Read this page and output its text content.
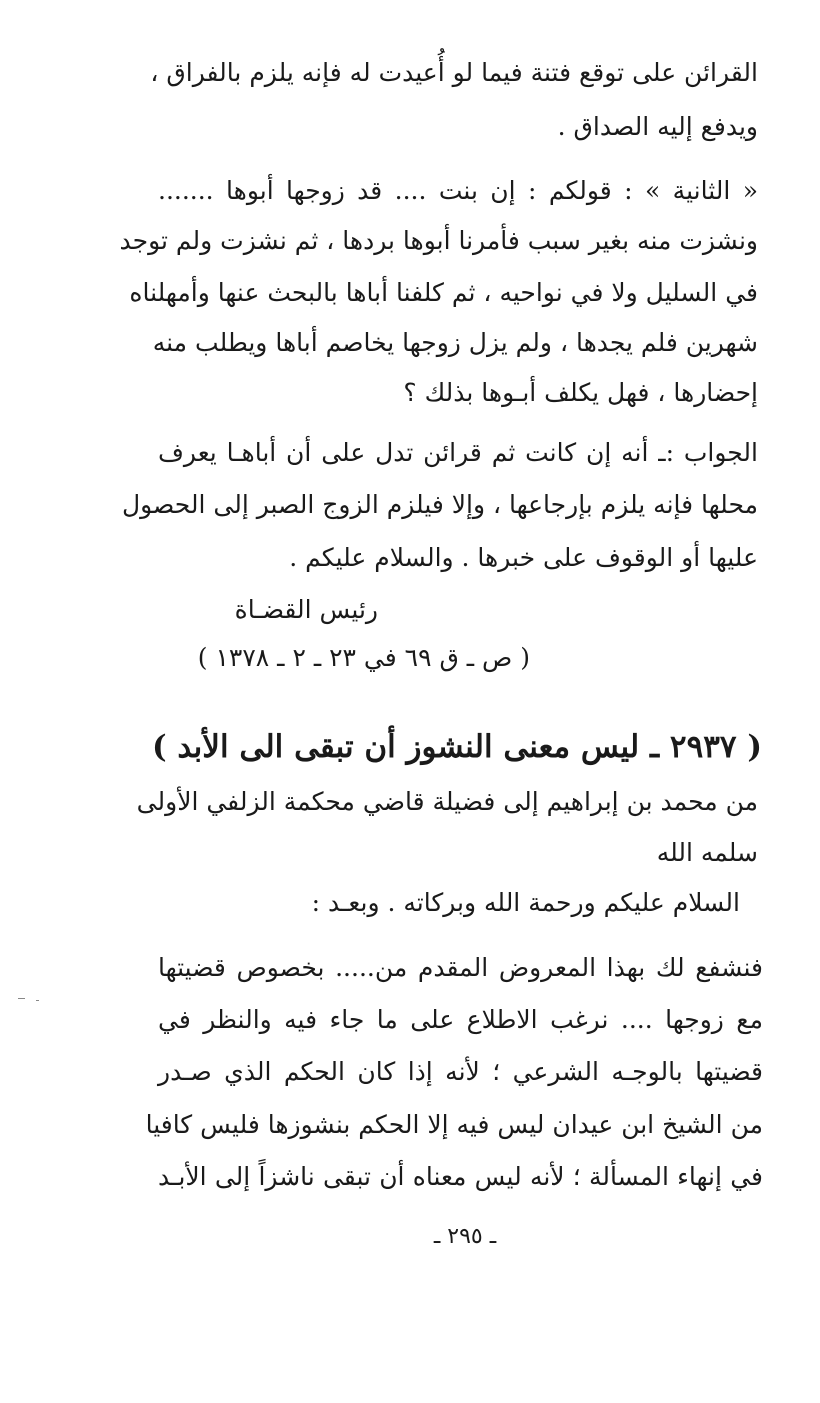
القرائن على توقع فتنة فيما لو أُعيدت له فإنه يلزم بالفراق ،
ويدفع إليه الصداق .
« الثانية » : قولكم : إن بنت .... قد زوجها أبوها .......
ونشزت منه بغير سبب فأمرنا أبوها بردها ، ثم نشزت ولم توجد
في السليل ولا في نواحيه ، ثم كلفنا أباها بالبحث عنها وأمهلناه
شهرين فلم يجدها ، ولم يزل زوجها يخاصم أباها ويطلب منه
إحضارها ، فهل يكلف أبـوها بذلك ؟
الجواب :ـ أنه إن كانت ثم قرائن تدل على أن أباهـا يعرف
محلها فإنه يلزم بإرجاعها ، وإلا فيلزم الزوج الصبر إلى الحصول
عليها أو الوقوف على خبرها . والسلام عليكم .
رئيس القضـاة
( ص ـ ق ٦٩ في ٢٣ ـ ٢ ـ ١٣٧٨ )
( ٢٩٣٧ ـ ليس معنى النشوز أن تبقى الى الأبد )
من محمد بن إبراهيم إلى فضيلة قاضي محكمة الزلفي الأولى
سلمه الله
السلام عليكم ورحمة الله وبركاته . وبعـد :
فنشفع لك بهذا المعروض المقدم من..... بخصوص قضيتها
مع زوجها .... نرغب الاطلاع على ما جاء فيه والنظر في
قضيتها بالوجـه الشرعي ؛ لأنه إذا كان الحكم الذي صـدر
من الشيخ ابن عيدان ليس فيه إلا الحكم بنشوزها فليس كافيا
في إنهاء المسألة ؛ لأنه ليس معناه أن تبقى ناشزاً إلى الأبـد
ـ ٢٩٥ ـ
